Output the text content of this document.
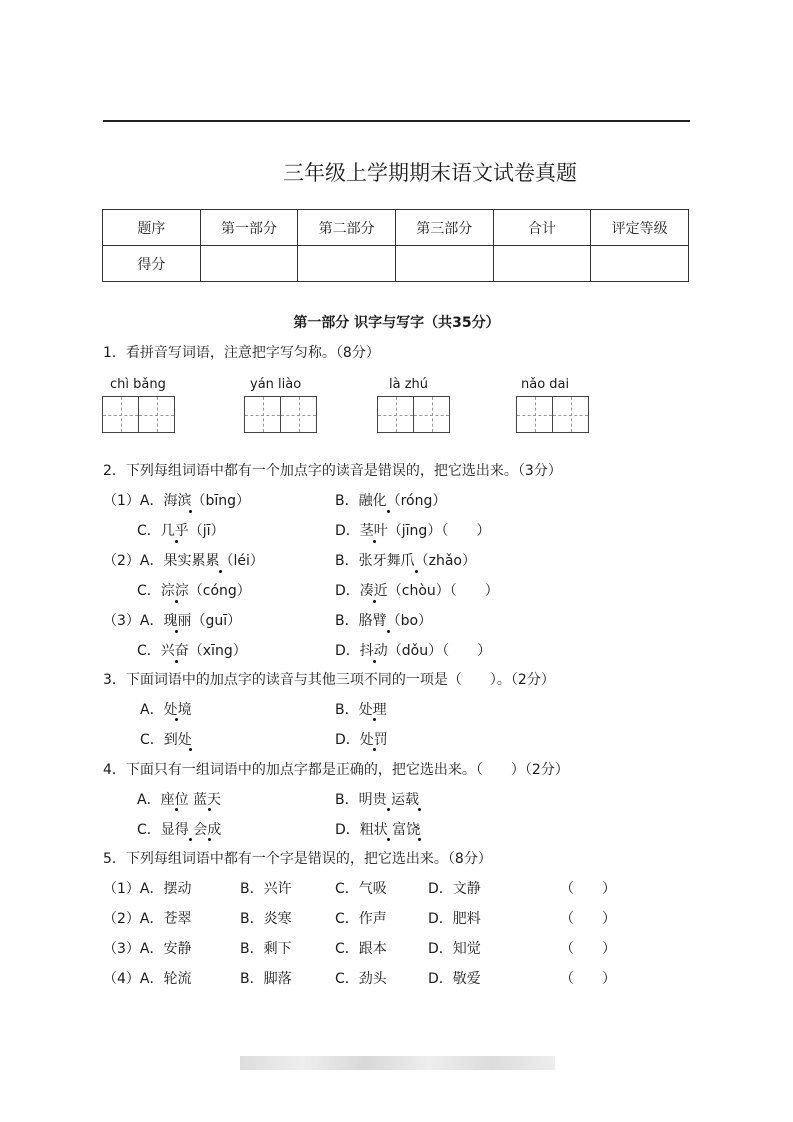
三年级上学期期末语文试卷真题
题序	第一部分	第二部分	第三部分	合计	评定等级
得分					
第一部分 识字与写字（共35分）
1．看拼音写词语，注意把字写匀称。（8分）
chì bǎng	yán liào	là zhú	nǎo dai
2．下列每组词语中都有一个加点字的读音是错误的，把它选出来。（3分）
（1）A．海滨（bīng）	B．融化（róng）
C．几乎（jī）	D．茎叶（jīng）（　　）
（2）A．果实累累（léi）	B．张牙舞爪（zhǎo）
C．淙淙（cóng）	D．凑近（chòu）（　　）
（3）A．瑰丽（guī）	B．胳臂（bo）
C．兴奋（xīng）	D．抖动（dǒu）（　　）
3．下面词语中的加点字的读音与其他三项不同的一项是（　　）。（2分）
A．处境	B．处理
C．到处	D．处罚
4．下面只有一组词语中的加点字都是正确的，把它选出来。（　　）（2分）
A．座位 蓝天	B．明贵 运载
C．显得 会成	D．粗状 富饶
5．下列每组词语中都有一个字是错误的，把它选出来。（8分）
（1）A．摆动	B．兴许	C．气吸	D．文静	（　　）
（2）A．苍翠	B．炎寒	C．作声	D．肥料	（　　）
（3）A．安静	B．剩下	C．跟本	D．知觉	（　　）
（4）A．轮流	B．脚落	C．劲头	D．敬爱	（　　）
